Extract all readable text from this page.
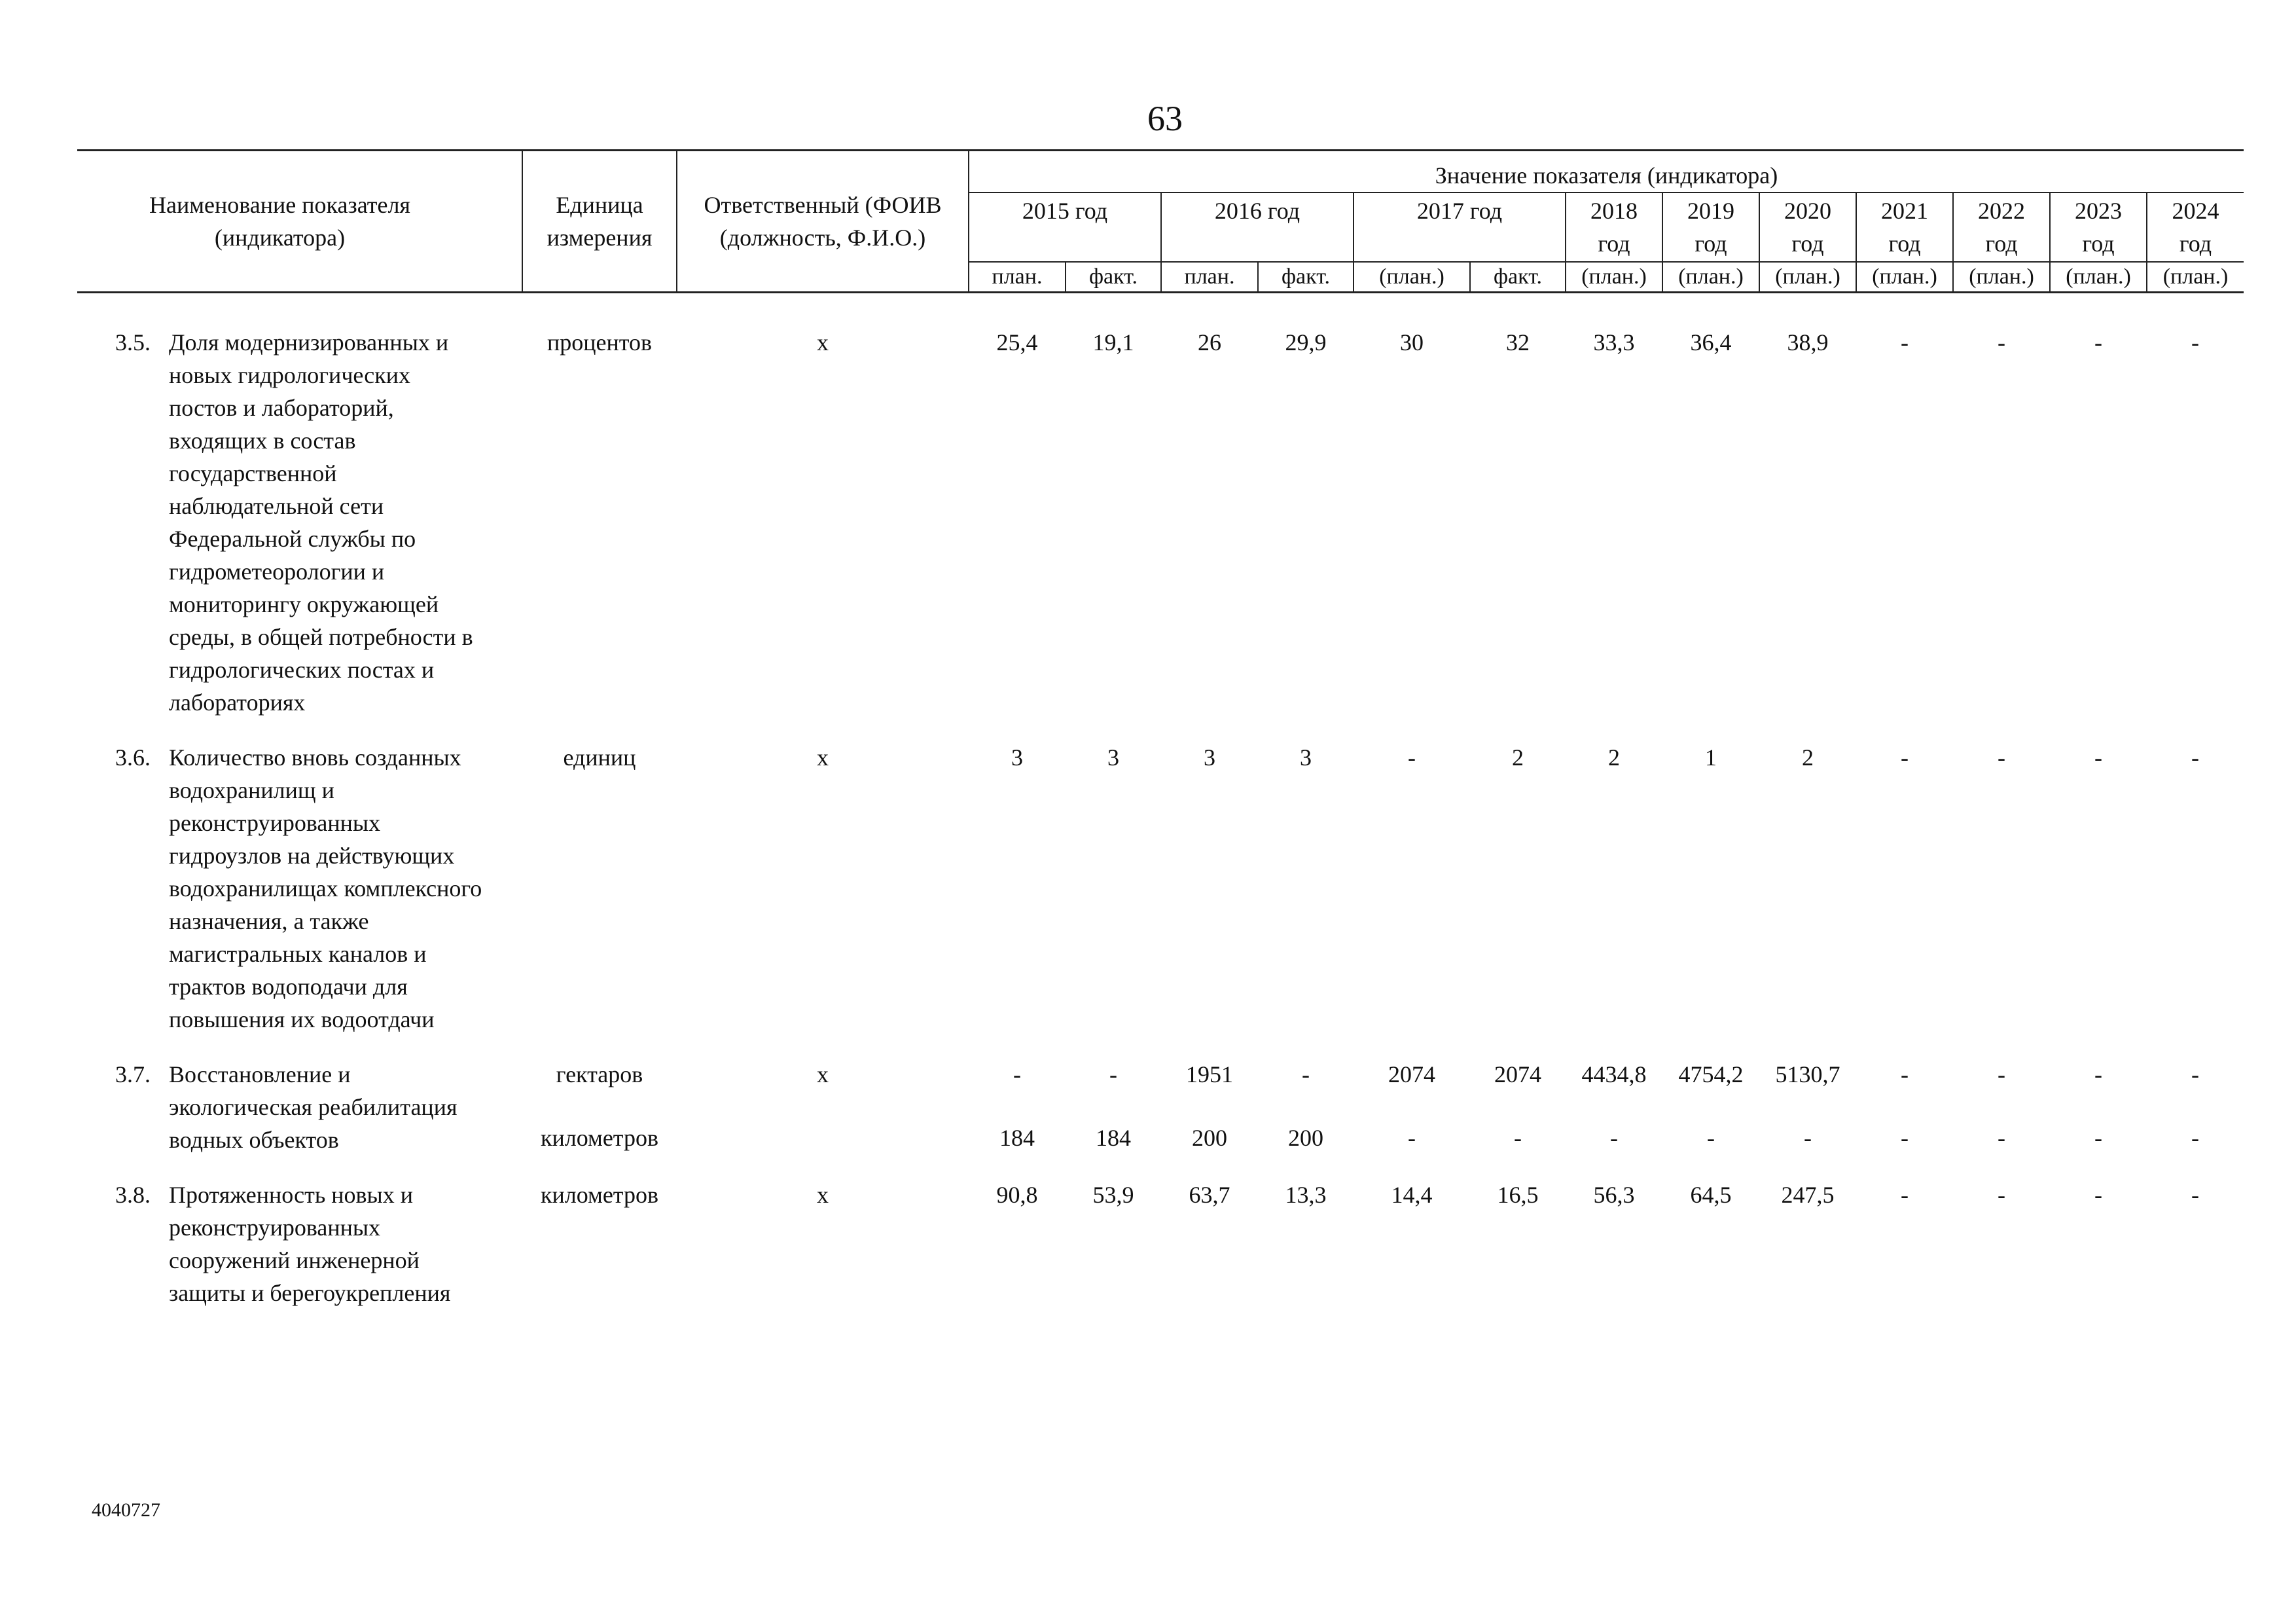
63
Наименование показателя (индикатора)	Единица измерения	Ответственный (ФОИВ (должность, Ф.И.О.)	Значение показателя (индикатора)												
			2015 год		2016 год		2017 год		2018 год	2019 год	2020 год	2021 год	2022 год	2023 год	2024 год
			план.	факт.	план.	факт.	(план.)	факт.	(план.)	(план.)	(план.)	(план.)	(план.)	(план.)	(план.)

3.5. Доля модернизированных и новых гидрологических постов и лабораторий, входящих в состав государственной наблюдательной сети Федеральной службы по гидрометеорологии и мониторингу окружающей среды, в общей потребности в гидрологических постах и лабораториях	процентов	х	25,4	19,1	26	29,9	30	32	33,3	36,4	38,9	-	-	-	-

3.6. Количество вновь созданных водохранилищ и реконструированных гидроузлов на действующих водохранилищах комплексного назначения, а также магистральных каналов и трактов водоподачи для повышения их водоотдачи	единиц	х	3	3	3	3	-	2	2	1	2	-	-	-	-

3.7. Восстановление и экологическая реабилитация водных объектов	гектаров	х	-	-	1951	-	2074	2074	4434,8	4754,2	5130,7	-	-	-	-
	километров		184	184	200	200	-	-	-	-	-	-	-	-	-

3.8. Протяженность новых и реконструированных сооружений инженерной защиты и берегоукрепления	километров	х	90,8	53,9	63,7	13,3	14,4	16,5	56,3	64,5	247,5	-	-	-	-
4040727
